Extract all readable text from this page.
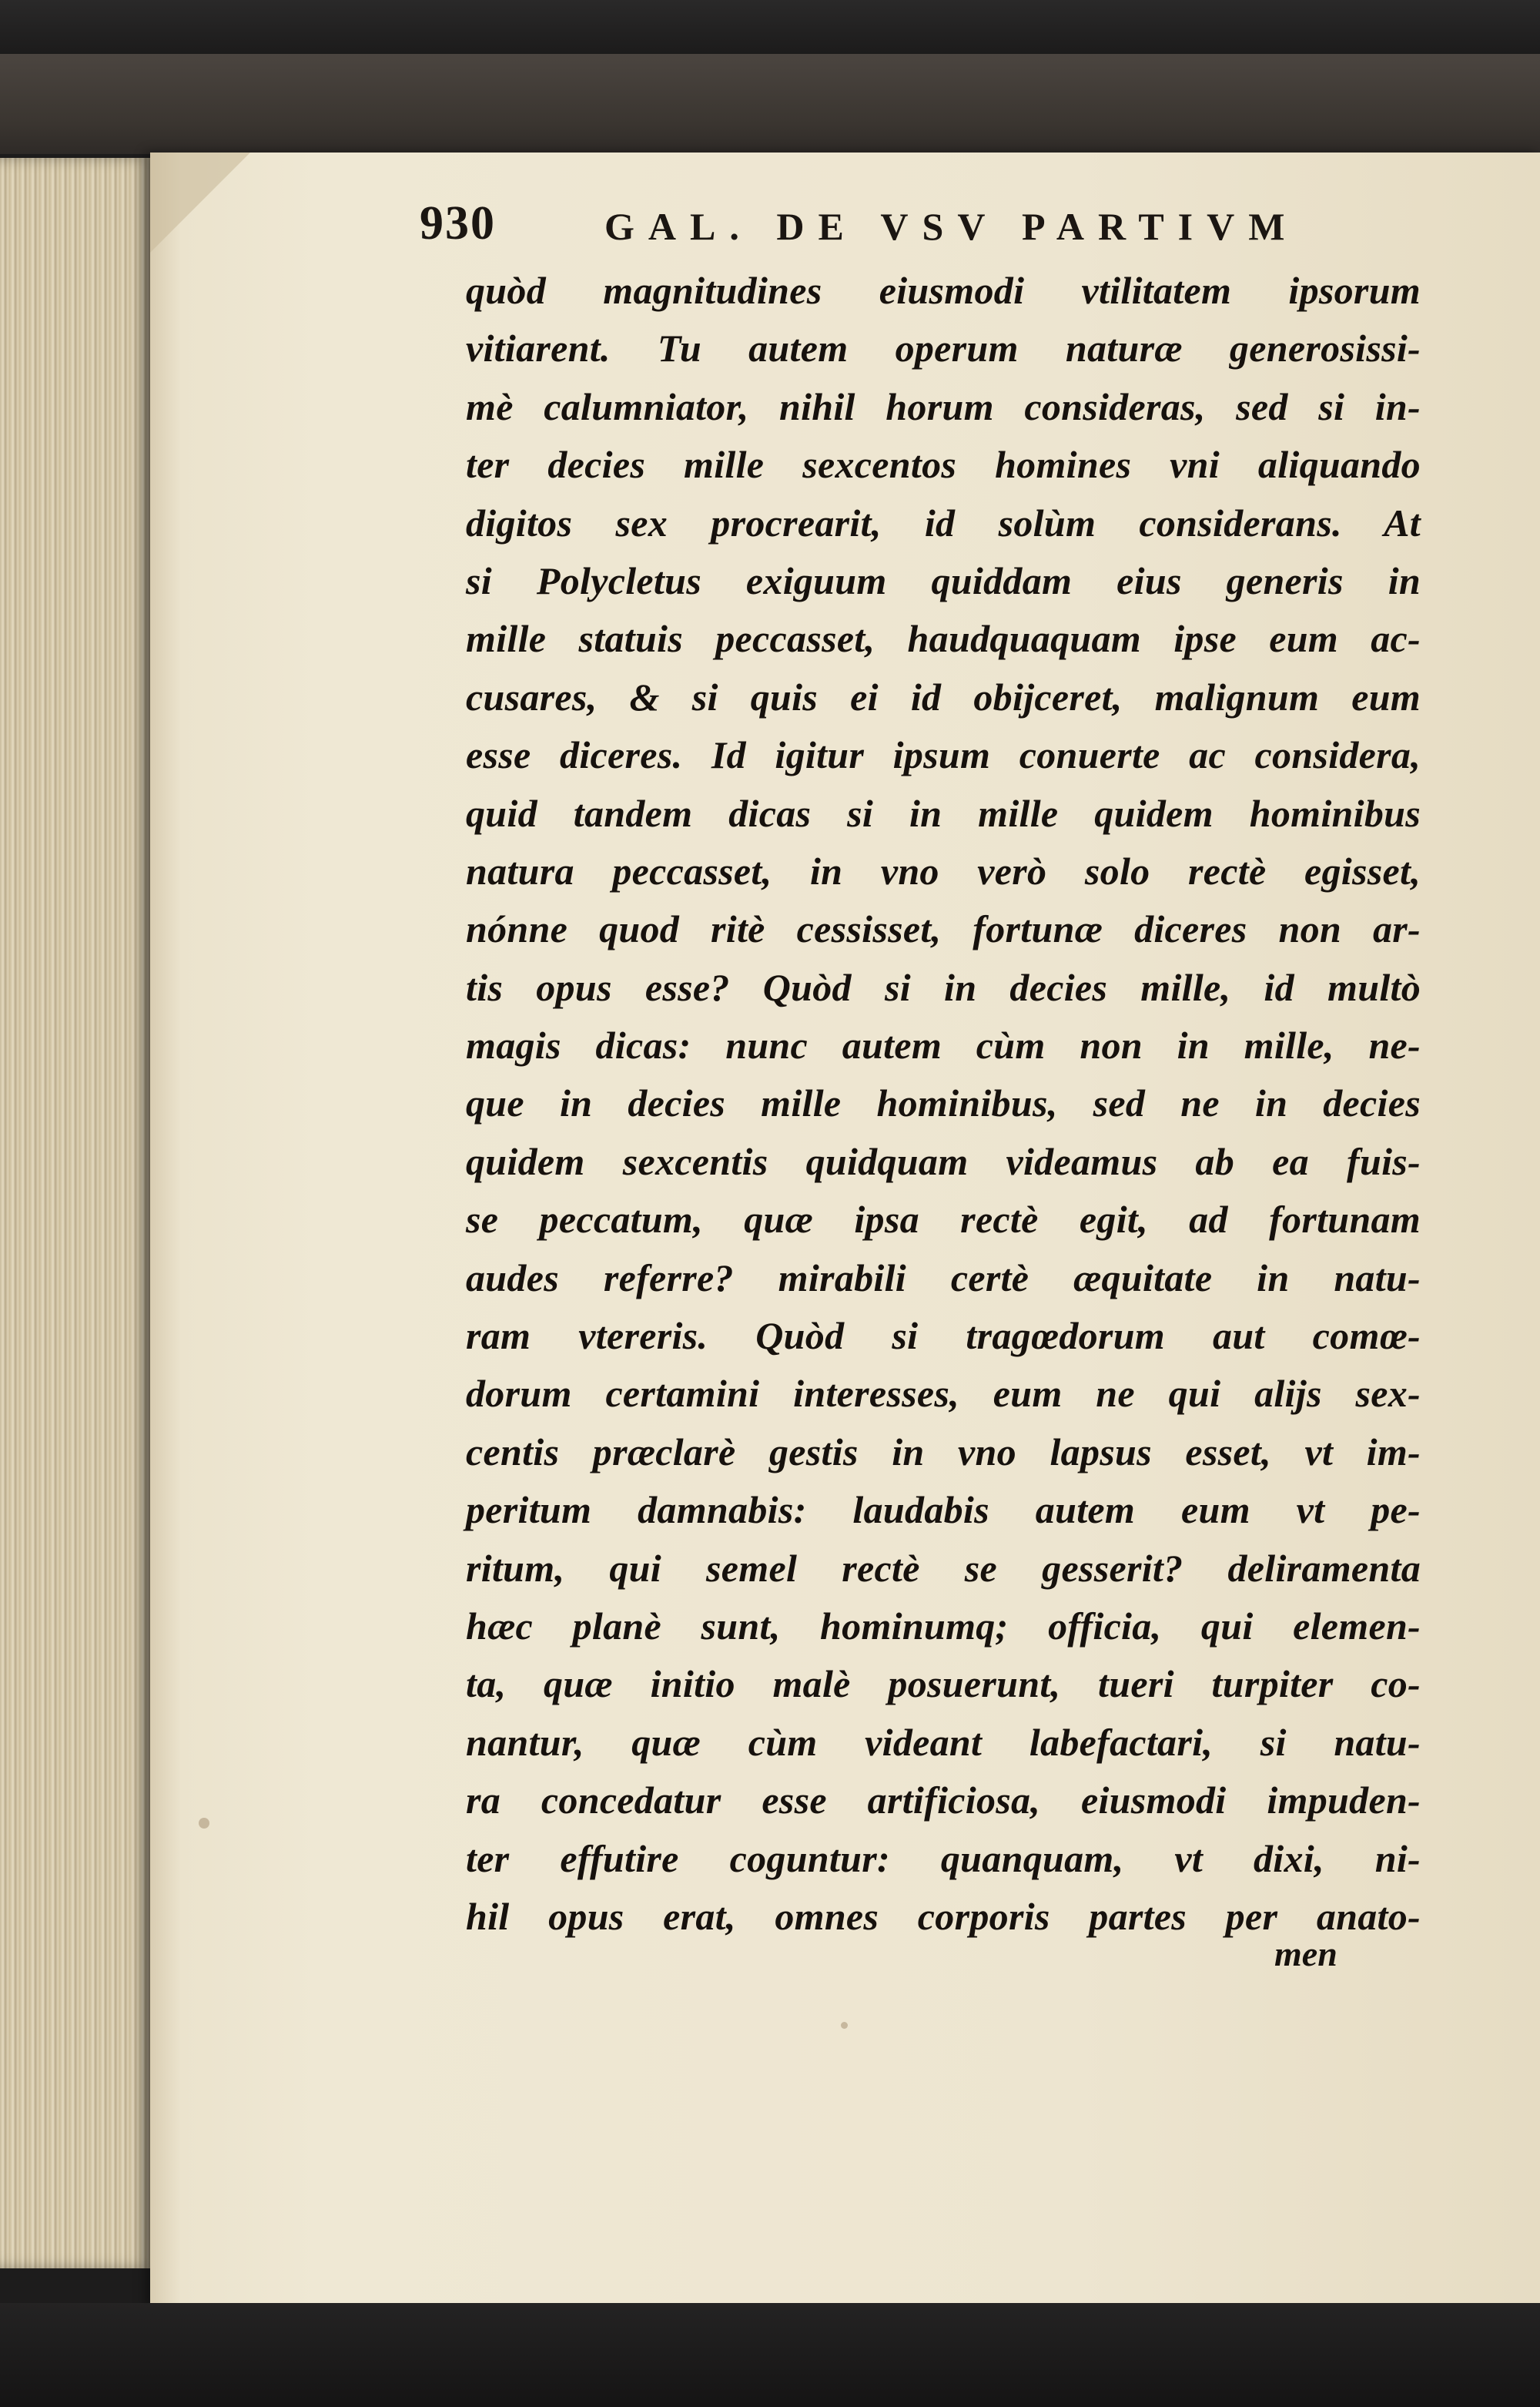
930	GAL. DE VSV PARTIVM
quòd magnitudines eiusmodi vtilitatem ipsorum
vitiarent. Tu autem operum naturæ generosissi-
mè calumniator, nihil horum consideras, sed si in-
ter decies mille sexcentos homines vni aliquando
digitos sex procrearit, id solùm considerans. At
si Polycletus exiguum quiddam eius generis in
mille statuis peccasset, haudquaquam ipse eum ac-
cusares, & si quis ei id obijceret, malignum eum
esse diceres. Id igitur ipsum conuerte ac considera,
quid tandem dicas si in mille quidem hominibus
natura peccasset, in vno verò solo rectè egisset,
nónne quod ritè cessisset, fortunæ diceres non ar-
tis opus esse? Quòd si in decies mille, id multò
magis dicas: nunc autem cùm non in mille, ne-
que in decies mille hominibus, sed ne in decies
quidem sexcentis quidquam videamus ab ea fuis-
se peccatum, quæ ipsa rectè egit, ad fortunam
audes referre? mirabili certè æquitate in natu-
ram vtereris. Quòd si tragœdorum aut comœ-
dorum certamini interesses, eum ne qui alijs sex-
centis præclarè gestis in vno lapsus esset, vt im-
peritum damnabis: laudabis autem eum vt pe-
ritum, qui semel rectè se gesserit? deliramenta
hæc planè sunt, hominumq; officia, qui elemen-
ta, quæ initio malè posuerunt, tueri turpiter co-
nantur, quæ cùm videant labefactari, si natu-
ra concedatur esse artificiosa, eiusmodi impuden-
ter effutire coguntur: quanquam, vt dixi, ni-
hil opus erat, omnes corporis partes per anato-
men
